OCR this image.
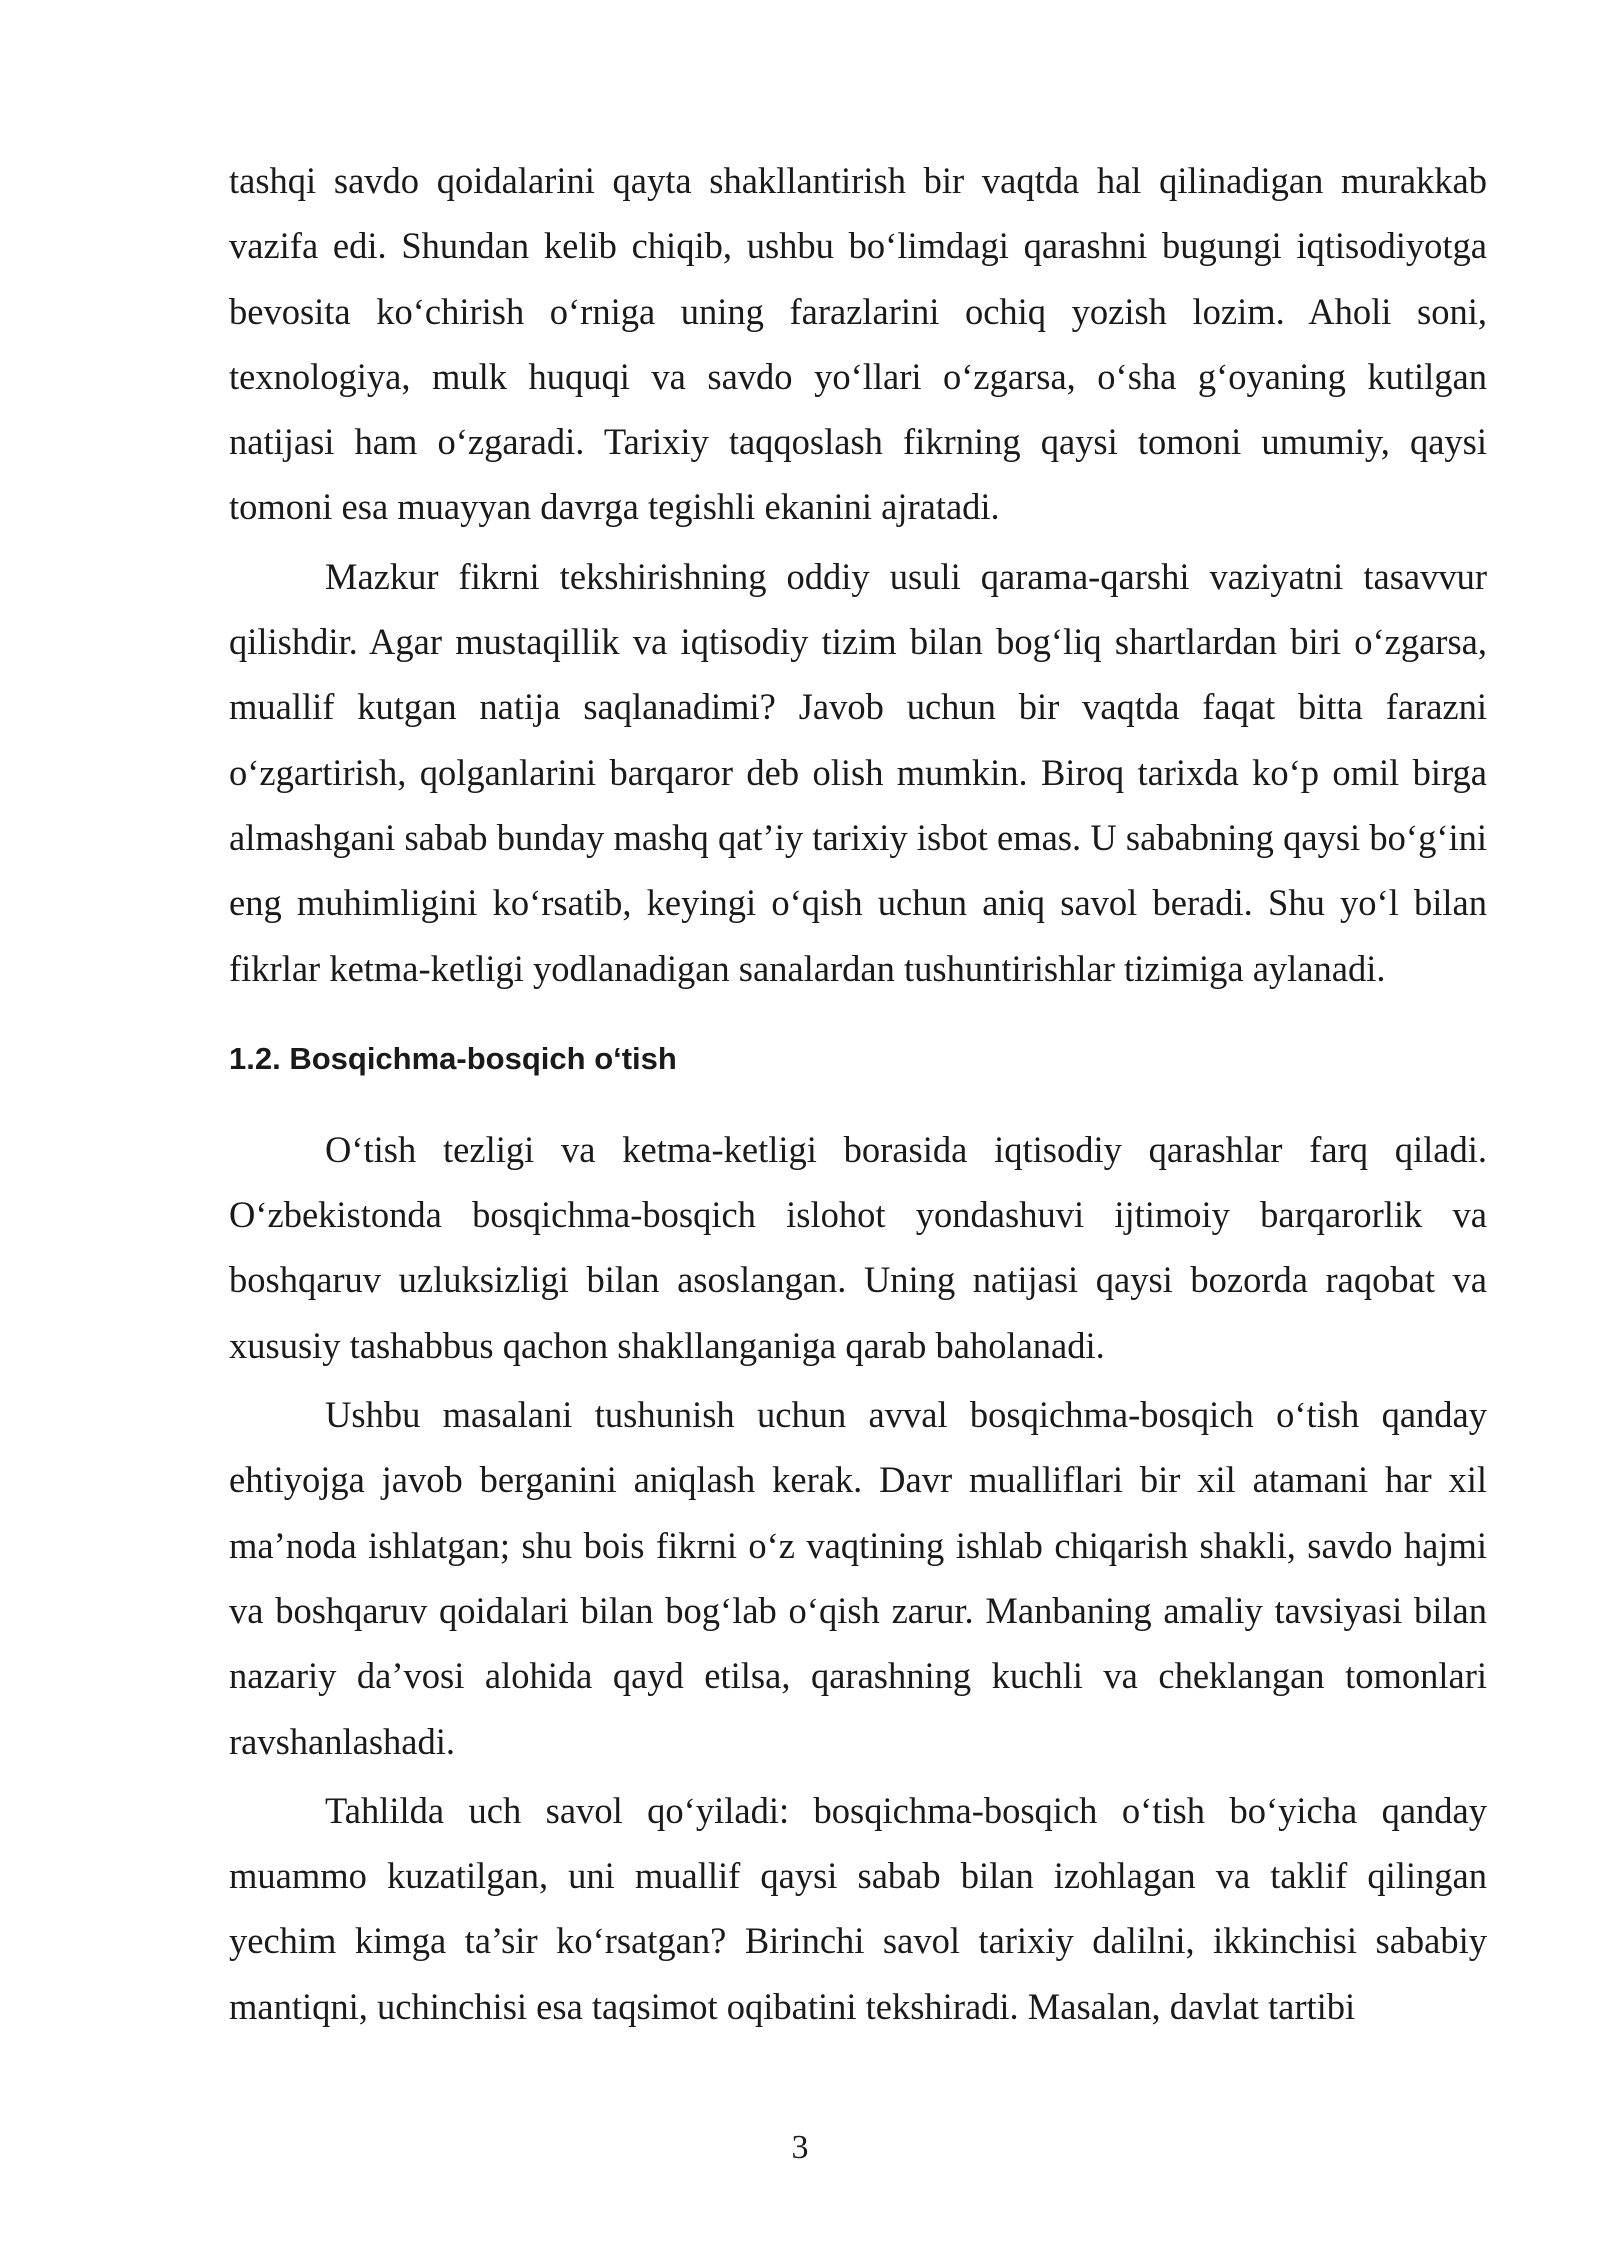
tashqi savdo qoidalarini qayta shakllantirish bir vaqtda hal qilinadigan murakkab vazifa edi. Shundan kelib chiqib, ushbu bo‘limdagi qarashni bugungi iqtisodiyotga bevosita ko‘chirish o‘rniga uning farazlarini ochiq yozish lozim. Aholi soni, texnologiya, mulk huquqi va savdo yo‘llari o‘zgarsa, o‘sha g‘oyaning kutilgan natijasi ham o‘zgaradi. Tarixiy taqqoslash fikrning qaysi tomoni umumiy, qaysi tomoni esa muayyan davrga tegishli ekanini ajratadi.

Mazkur fikrni tekshirishning oddiy usuli qarama-qarshi vaziyatni tasavvur qilishdir. Agar mustaqillik va iqtisodiy tizim bilan bog‘liq shartlardan biri o‘zgarsa, muallif kutgan natija saqlanadimi? Javob uchun bir vaqtda faqat bitta farazni o‘zgartirish, qolganlarini barqaror deb olish mumkin. Biroq tarixda ko‘p omil birga almashgani sabab bunday mashq qat’iy tarixiy isbot emas. U sababning qaysi bo‘g‘ini eng muhimligini ko‘rsatib, keyingi o‘qish uchun aniq savol beradi. Shu yo‘l bilan fikrlar ketma-ketligi yodlanadigan sanalardan tushuntirishlar tizimiga aylanadi.

1.2. Bosqichma-bosqich o‘tish

O‘tish tezligi va ketma-ketligi borasida iqtisodiy qarashlar farq qiladi. O‘zbekistonda bosqichma-bosqich islohot yondashuvi ijtimoiy barqarorlik va boshqaruv uzluksizligi bilan asoslangan. Uning natijasi qaysi bozorda raqobat va xususiy tashabbus qachon shakllanganiga qarab baholanadi.

Ushbu masalani tushunish uchun avval bosqichma-bosqich o‘tish qanday ehtiyojga javob berganini aniqlash kerak. Davr mualliflari bir xil atamani har xil ma’noda ishlatgan; shu bois fikrni o‘z vaqtining ishlab chiqarish shakli, savdo hajmi va boshqaruv qoidalari bilan bog‘lab o‘qish zarur. Manbaning amaliy tavsiyasi bilan nazariy da’vosi alohida qayd etilsa, qarashning kuchli va cheklangan tomonlari ravshanlashadi.

Tahlilda uch savol qo‘yiladi: bosqichma-bosqich o‘tish bo‘yicha qanday muammo kuzatilgan, uni muallif qaysi sabab bilan izohlagan va taklif qilingan yechim kimga ta’sir ko‘rsatgan? Birinchi savol tarixiy dalilni, ikkinchisi sababiy mantiqni, uchinchisi esa taqsimot oqibatini tekshiradi. Masalan, davlat tartibi

3
